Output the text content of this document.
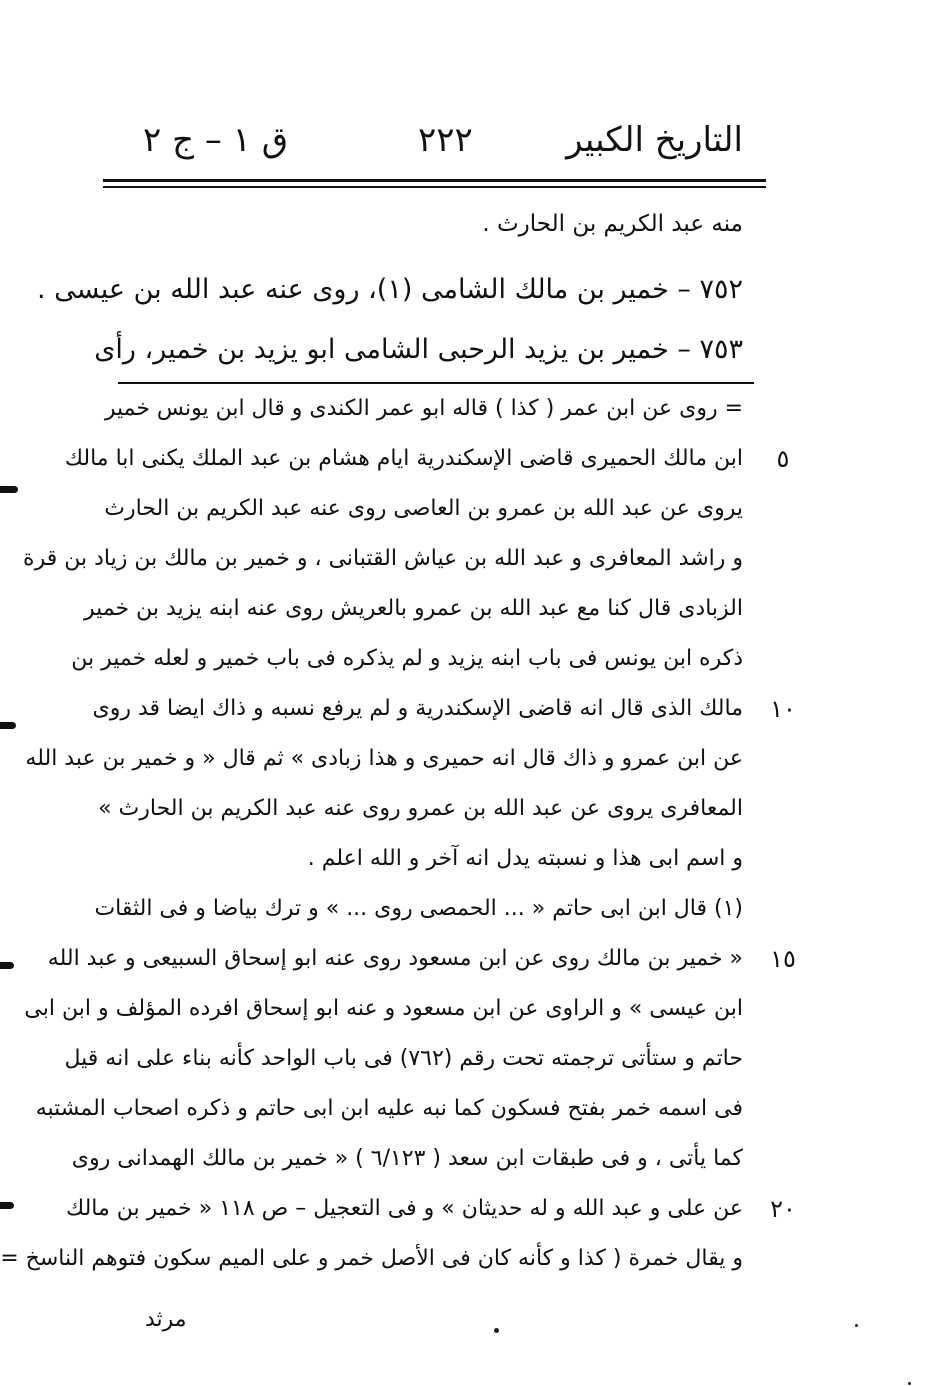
التاريخ الكبير
٢٢٢
ق ١ – ج ٢
منه عبد الكريم بن الحارث .
٧٥٢ – خمير بن مالك الشامى (١)، روى عنه عبد الله بن عيسى .
٧٥٣ – خمير بن يزيد الرحبى الشامى ابو يزيد بن خمير، رأى
= روى عن ابن عمر ( كذا ) قاله ابو عمر الكندى و قال ابن يونس خمير
ابن مالك الحميرى قاضى الإسكندرية ايام هشام بن عبد الملك يكنى ابا مالك
يروى عن عبد الله بن عمرو بن العاصى روى عنه عبد الكريم بن الحارث
و راشد المعافرى و عبد الله بن عياش القتبانى ، و خمير بن مالك بن زياد بن قرة
الزبادى قال كنا مع عبد الله بن عمرو بالعريش روى عنه ابنه يزيد بن خمير
ذكره ابن يونس فى باب ابنه يزيد و لم يذكره فى باب خمير و لعله خمير بن
مالك الذى قال انه قاضى الإسكندرية و لم يرفع نسبه و ذاك ايضا قد روى
عن ابن عمرو و ذاك قال انه حميرى و هذا زبادى » ثم قال « و خمير بن عبد الله
المعافرى يروى عن عبد الله بن عمرو روى عنه عبد الكريم بن الحارث »
و اسم ابى هذا و نسبته يدل انه آخر و الله اعلم .
(١) قال ابن ابى حاتم « ... الحمصى روى ... » و ترك بياضا و فى الثقات
« خمير بن مالك روى عن ابن مسعود روى عنه ابو إسحاق السبيعى و عبد الله
ابن عيسى » و الراوى عن ابن مسعود و عنه ابو إسحاق افرده المؤلف و ابن ابى
حاتم و ستأتى ترجمته تحت رقم (٧٦٢) فى باب الواحد كأنه بناء على انه قيل
فى اسمه خمر بفتح فسكون كما نبه عليه ابن ابى حاتم و ذكره اصحاب المشتبه
كما يأتى ، و فى طبقات ابن سعد ( ٦/١٢٣ ) « خمير بن مالك الهمدانى روى
عن على و عبد الله و له حديثان » و فى التعجيل – ص ١١٨ « خمير بن مالك
و يقال خمرة ( كذا و كأنه كان فى الأصل خمر و على الميم سكون فتوهم الناسخ =
٥
١٠
١٥
٢٠
مرثد
